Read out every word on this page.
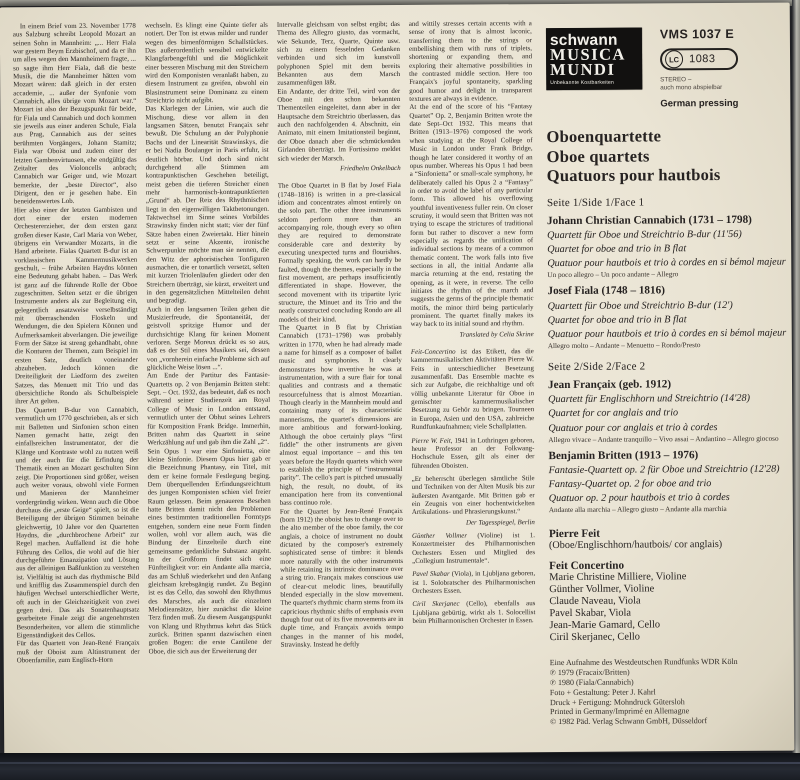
In einem Brief vom 23. November 1778 aus Salzburg schreibt Leopold Mozart an seinen Sohn in Mannheim: „... Herr Fiala war gestern Beym Erzbischof, und da er ihn um alles wegen den Mannheimern fragte, ... so sagte ihm Herr Fiala, daß die beste Musik, die die Mannheimer hätten vom Mozart wären: daß gleich in der ersten accademie, ... außer der Synfonie vom Cannabich, alles übrige vom Mozart war.“ Mozart ist also der Bezugspunkt für beide, für Fiala und Cannabich und doch kommen sie jeweils aus einer anderen Schule, Fiala aus Prag, Cannabich aus der seines berühmten Vorgängers, Johann Stamitz; Fiala war Oboist und zudem einer der letzten Gambenvirtuosen, ehe endgültig das Zeitalter des Violoncells anbrach; Cannabich war Geiger und, wie Mozart bemerkte, der „beste Director“, also Dirigent, den er je gesehen habe. Ein beneidenswertes Lob.

Hier also einer der letzten Gambisten und dort einer der ersten modernen Orchestererzieher, der dem ersten ganz großen dieser Kaste, Carl Maria von Weber, übrigens ein Verwandter Mozarts, in die Hand arbeitete. Fialas Quartett B-dur ist an vorklassischen Kammermusikwerken geschult, – frühe Arbeiten Haydns können eine Bedeutung gehabt haben. – Das Werk ist ganz auf die führende Rolle der Oboe zugeschnitten. Selten setzt er die übrigen Instrumente anders als zur Begleitung ein, gelegentlich ansatzweise verselbständigt mit überraschenden Floskeln und Wendungen, die den Spielern Können und Aufmerksamkeit abverlangen. Die jeweilige Form der Sätze ist streng gehandhabt, ohne die Konturen der Themen, zum Beispiel im ersten Satz, deutlich voneinander abzuheben. Jedoch können die Dreiteiligkeit der Liedform des zweiten Satzes, das Menuett mit Trio und das übersichtliche Rondo als Schulbeispiele ihrer Art gelten.

Das Quartett B-dur von Cannabich, vermutlich um 1770 geschrieben, als er sich mit Balletten und Sinfonien schon einen Namen gemacht hatte, zeigt den einfallsreichen Instrumentator, der die Klänge und Kontraste wohl zu nutzen weiß und der auch für die Erfindung der Thematik einen an Mozart geschulten Sinn zeigt. Die Proportionen sind größer, weisen auch weiter voraus, obwohl viele Formen und Manieren der Mannheimer vordergründig wirken. Wenn auch die Oboe durchaus die „erste Geige“ spielt, so ist die Beteiligung der übrigen Stimmen beinahe gleichwertig, 10 Jahre vor den Quartetten Haydns, die „durchbrochene Arbeit“ zur Regel machen. Auffallend ist die hohe Führung des Cellos, die wohl auf die hier durchgeführte Emanzipation und Lösung aus der alleinigen Baßfunktion zu verstehen ist. Vielfältig ist auch das rhythmische Bild und knifflig das Zusammenspiel durch den häufigen Wechsel unterschiedlicher Werte, oft auch in der Gleichzeitigkeit von zwei gegen drei. Das als Sonatenhauptsatz gearbeitete Finale zeigt die angenehmsten Besonderheiten, vor allem die stimmliche Eigenständigkeit des Cellos.

Für das Quartett von Jean-René Françaix muß der Oboist zum Altinstrument der Oboenfamilie, zum Englisch-Horn

wechseln. Es klingt eine Quinte tiefer als notiert. Der Ton ist etwas milder und runder wegen des birnenförmigen Schallstückes. Das außerordentlich sensibel entwickelte Klangfarbengefühl und die Möglichkeit einer besseren Mischung mit den Streichern wird den Komponisten veranlaßt haben, zu diesem Instrument zu greifen, obwohl ein Blasinstrument seine Dominanz zu einem Streichtrio nicht aufgibt.

Das Klarlegen der Linien, wie auch die Mischung, diese vor allem in den langsamen Sätzen, benutzt Françaix sehr bewußt. Die Schulung an der Polyphonie Bachs und der Linearität Strawinskys, die er bei Nadia Boulanger in Paris erfuhr, ist deutlich hörbar. Und doch sind nicht durchgehend alle Stimmen am kontrapunktischen Geschehen beteiligt, meist geben die tieferen Streicher einen mehr harmonisch-kontrapunktierten „Grund“ ab. Der Reiz des Rhythmischen liegt in den eigenwilligen Taktbetonungen. Taktwechsel im Sinne seines Vorbildes Strawinsky finden nicht statt; vier der fünf Sätze haben einen Zweiertakt. Hier hinein setzt er seine Akzente, ironische Schwerpunkte möchte man sie nennen, die den Witz der aphoristischen Tonfiguren ausmachen, die er tonartlich versetzt, selten mit kurzen Triolenläufen gliedert oder den Streichern überträgt, sie kürzt, erweitert und in den gegensätzlichen Mittelteilen dehnt und begradigt.

Auch in den langsamen Teilen gehen die Musizierfreude, die Spontaneität, der geistvoll spritzige Humor und der durchsichtige Klang für keinen Moment verloren. Serge Moreux drückt es so aus, daß es der Stil eines Musikers sei, dessen von „vornherein einfache Probleme sich auf glückliche Weise lösen ...“.

Am Ende der Partitur des Fantasie-Quartetts op. 2 von Benjamin Britten steht: Sept. – Oct. 1932, das bedeutet, daß es noch während seiner Studienzeit am Royal College of Music in London entstand, vermutlich unter der Obhut seines Lehrers für Komposition Frank Bridge. Immerhin, Britten nahm das Quartett in seine Werkzählung auf und gab ihm die Zahl „2“.

Sein Opus 1 war eine Sinfonietta, eine kleine Sinfonie. Diesem Opus hier gab er die Bezeichnung Phantasy, ein Titel, mit dem er keine formale Festlegung beging. Dem überquellenden Erfindungsreichtum des jungen Komponisten schien viel freier Raum gelassen. Beim genaueren Besehen hatte Britten damit nicht den Problemen eines bestimmten traditionellen Formtyps entgehen, sondern eine neue Form finden wollen, wohl vor allem auch, was die Bindung der Einzelteile durch eine gemeinsame gedankliche Substanz angeht. In der Großform findet sich eine Fünfteiligkeit vor: ein Andante alla marcia, das am Schluß wiederkehrt und den Anfang gleichsam krebsgängig rundet. Zu Beginn ist es das Cello, das sowohl den Rhythmus des Marsches, als auch die einzelnen Melodieansätze, hier zunächst die kleine Terz finden muß. Zu diesem Ausgangspunkt von Klang und Rhythmus kehrt das Stück zurück. Britten spannt dazwischen einen großen Bogen: die erste Cantilene der Oboe, die sich aus der Erweiterung der

Intervalle gleichsam von selbst ergibt; das Thema des Allegro giusto, das vormacht, wie Sekunde, Terz, Quarte, Quinte usw. sich zu einem fesselnden Gedanken verbinden und sich im kunstvoll polyphonen Spiel mit dem bereits Bekannten aus dem Marsch zusammenfügen läßt.

Ein Andante, der dritte Teil, wird von der Oboe mit den schon bekannten Thementeilen eingeleitet, dann aber in der Hauptsache dem Streichtrio überlassen, das auch den nachfolgenden 4. Abschnitt, ein Animato, mit einem Imitationsteil beginnt, der Oboe danach aber die schmückenden Girlanden überträgt. Im Fortissimo meldet sich wieder der Marsch.

Friedhelm Onkelbach

The Oboe Quartet in B flat by Josef Fiala (1748–1816) is written in a pre-classical idiom and concentrates almost entirely on the solo part. The other three instruments seldom perform more than an accompanying role, though every so often they are required to demonstrate considerable care and dexterity by executing unexpected turns and flourishes. Formally speaking, the work can hardly be faulted, though the themes, especially in the first movement, are perhaps insufficiently differentiated in shape. However, the second movement with its tripartite lyric structure, the Minuet and its Trio and the neatly constructed concluding Rondo are all models of their kind.

The Quartet in B flat by Christian Cannabich (1731–1798) was probably written in 1770, when he had already made a name for himself as a composer of ballet music and symphonies. It clearly demonstrates how inventive he was at instrumentation, with a sure flair for tonal qualities and contrasts and a thematic resourcefulness that is almost Mozartian. Though clearly in the Mannheim mould and containing many of its characteristic mannerisms, the quartet's dimensions are more ambitious and forward-looking. Although the oboe certainly plays “first fiddle” the other instruments are given almost equal importance – and this ten years before the Haydn quartets which were to establish the principle of “instrumental parity”. The cello's part is pitched unusually high, the result, no doubt, of its emancipation here from its conventional bass continuo role.

For the Quartet by Jean-René Françaix (born 1912) the oboist has to change over to the alto member of the oboe family, the cor anglais, a choice of instrument no doubt dictated by the composer's extremely sophisticated sense of timbre: it blends more naturally with the other instruments while retaining its intrinsic dominance over a string trio. Françaix makes conscious use of clear-cut melodic lines, beautifully blended especially in the slow movement. The quartet's rhythmic charm stems from its capricious rhythmic shifts of emphasis even though four out of its five movements are in duple time, and Françaix avoids tempo changes in the manner of his model, Stravinsky. Instead he deftly

and wittily stresses certain accents with a sense of irony that is almost laconic, transferring them to the strings or embellishing them with runs of triplets, shortening or expanding them, and exploring their alternative possibilities in the contrasted middle section. Here too Françaix's joyful spontaneity, sparkling good humor and delight in transparent textures are always in evidence.

At the end of the score of his “Fantasy Quartet” Op. 2, Benjamin Britten wrote the date Sept–Oct 1932. This means that Britten (1913–1976) composed the work when studying at the Royal College of Music in London under Frank Bridge, though he later considered it worthy of an opus number. Whereas his Opus 1 had been a “Sinfonietta” or small-scale symphony, he deliberately called his Opus 2 a “Fantasy” in order to avoid the label of any particular form. This allowed his overflowing youthful inventiveness fuller rein. On closer scrutiny, it would seem that Britten was not trying to escape the strictures of traditional form but rather to discover a new form especially as regards the unification of individual sections by means of a common thematic content. The work falls into five sections in all, the initial Andante alla marcia returning at the end, restating the opening, as it were, in reverse. The cello initiates the rhythm of the march and suggests the germs of the principle thematic motifs, the minor third being particularly prominent. The quartet finally makes its way back to its initial sound and rhythm.

Translated by Celia Skrine

Feit-Concertino ist das Etikett, das die kammermusikalischen Aktivitäten Pierre W. Feits in unterschiedlicher Besetzung zusammenfaßt. Das Ensemble machte es sich zur Aufgabe, die reichhaltige und oft völlig unbekannte Literatur für Oboe in gemischter kammermusikalischer Besetzung zu Gehör zu bringen. Tourneen in Europa, Asien und den USA, zahlreiche Rundfunkaufnahmen; viele Schallplatten.

Pierre W. Feit, 1941 in Lothringen geboren, heute Professor an der Folkwang-Hochschule Essen, gilt als einer der führenden Oboisten.

„Er beherrscht überlegen sämtliche Stile und Techniken von der Alten Musik bis zur äußersten Avantgarde. Mit Britten gab er ein Zeugnis von einer hochentwickelten Artikulations- und Phrasierungskunst.“

Der Tagesspiegel, Berlin

Günther Vollmer (Violine) ist 1. Konzertmeister des Philharmonischen Orchesters Essen und Mitglied des „Collegium Instrumentale“.

Pavel Skabar (Viola), in Ljubljana geboren, ist 1. Solobratscher des Philharmonischen Orchesters Essen.

Ciril Skerjanec (Cello), ebenfalls aus Ljubljana gebürtig, wirkt als 1. Solocellist beim Philharmonischen Orchester in Essen.

schwann
MUSICA
MUNDI
Unbekannte Kostbarkeiten
VMS 1037 E
LC 1083
STEREO –
auch mono abspielbar
German pressing
Oboenquartette
Oboe quartets
Quatuors pour hautbois
Seite 1/Side 1/Face 1
Johann Christian Cannabich (1731 – 1798)
Quartett für Oboe und Streichtrio B-dur (11'56)
Quartet for oboe and trio in B flat
Quatuor pour hautbois et trio à cordes en si bémol majeur
Un poco allegro – Un poco andante – Allegro
Josef Fiala (1748 – 1816)
Quartett für Oboe und Streichtrio B-dur (12')
Quartet for oboe and trio in B flat
Quatuor pour hautbois et trio à cordes en si bémol majeur
Allegro molto – Andante – Menuetto – Rondo/Presto
Seite 2/Side 2/Face 2
Jean Françaix (geb. 1912)
Quartett für Englischhorn und Streichtrio (14'28)
Quartet for cor anglais and trio
Quatuor pour cor anglais et trio à cordes
Allegro vivace – Andante tranquillo – Vivo assai – Andantino – Allegro giocoso
Benjamin Britten (1913 – 1976)
Fantasie-Quartett op. 2 für Oboe und Streichtrio (12'28)
Fantasy-Quartet op. 2 for oboe and trio
Quatuor op. 2 pour hautbois et trio à cordes
Andante alla marchia – Allegro giusto – Andante alla marchia
Pierre Feit
(Oboe/Englischhorn/hautbois/ cor anglais)
Feit Concertino
Marie Christine Milliere, Violine
Günther Vollmer, Violine
Claude Naveau, Viola
Pavel Skabar, Viola
Jean-Marie Gamard, Cello
Ciril Skerjanec, Cello
Eine Aufnahme des Westdeutschen Rundfunks WDR Köln
℗ 1979 (Fracaix/Britten)
℗ 1980 (Fiala/Cannabich)
Foto + Gestaltung: Peter J. Kahrl
Druck + Fertigung: Mohndruck Gütersloh
Printed in Germany/Imprimé en Allemagne
© 1982 Päd. Verlag Schwann GmbH, Düsseldorf
